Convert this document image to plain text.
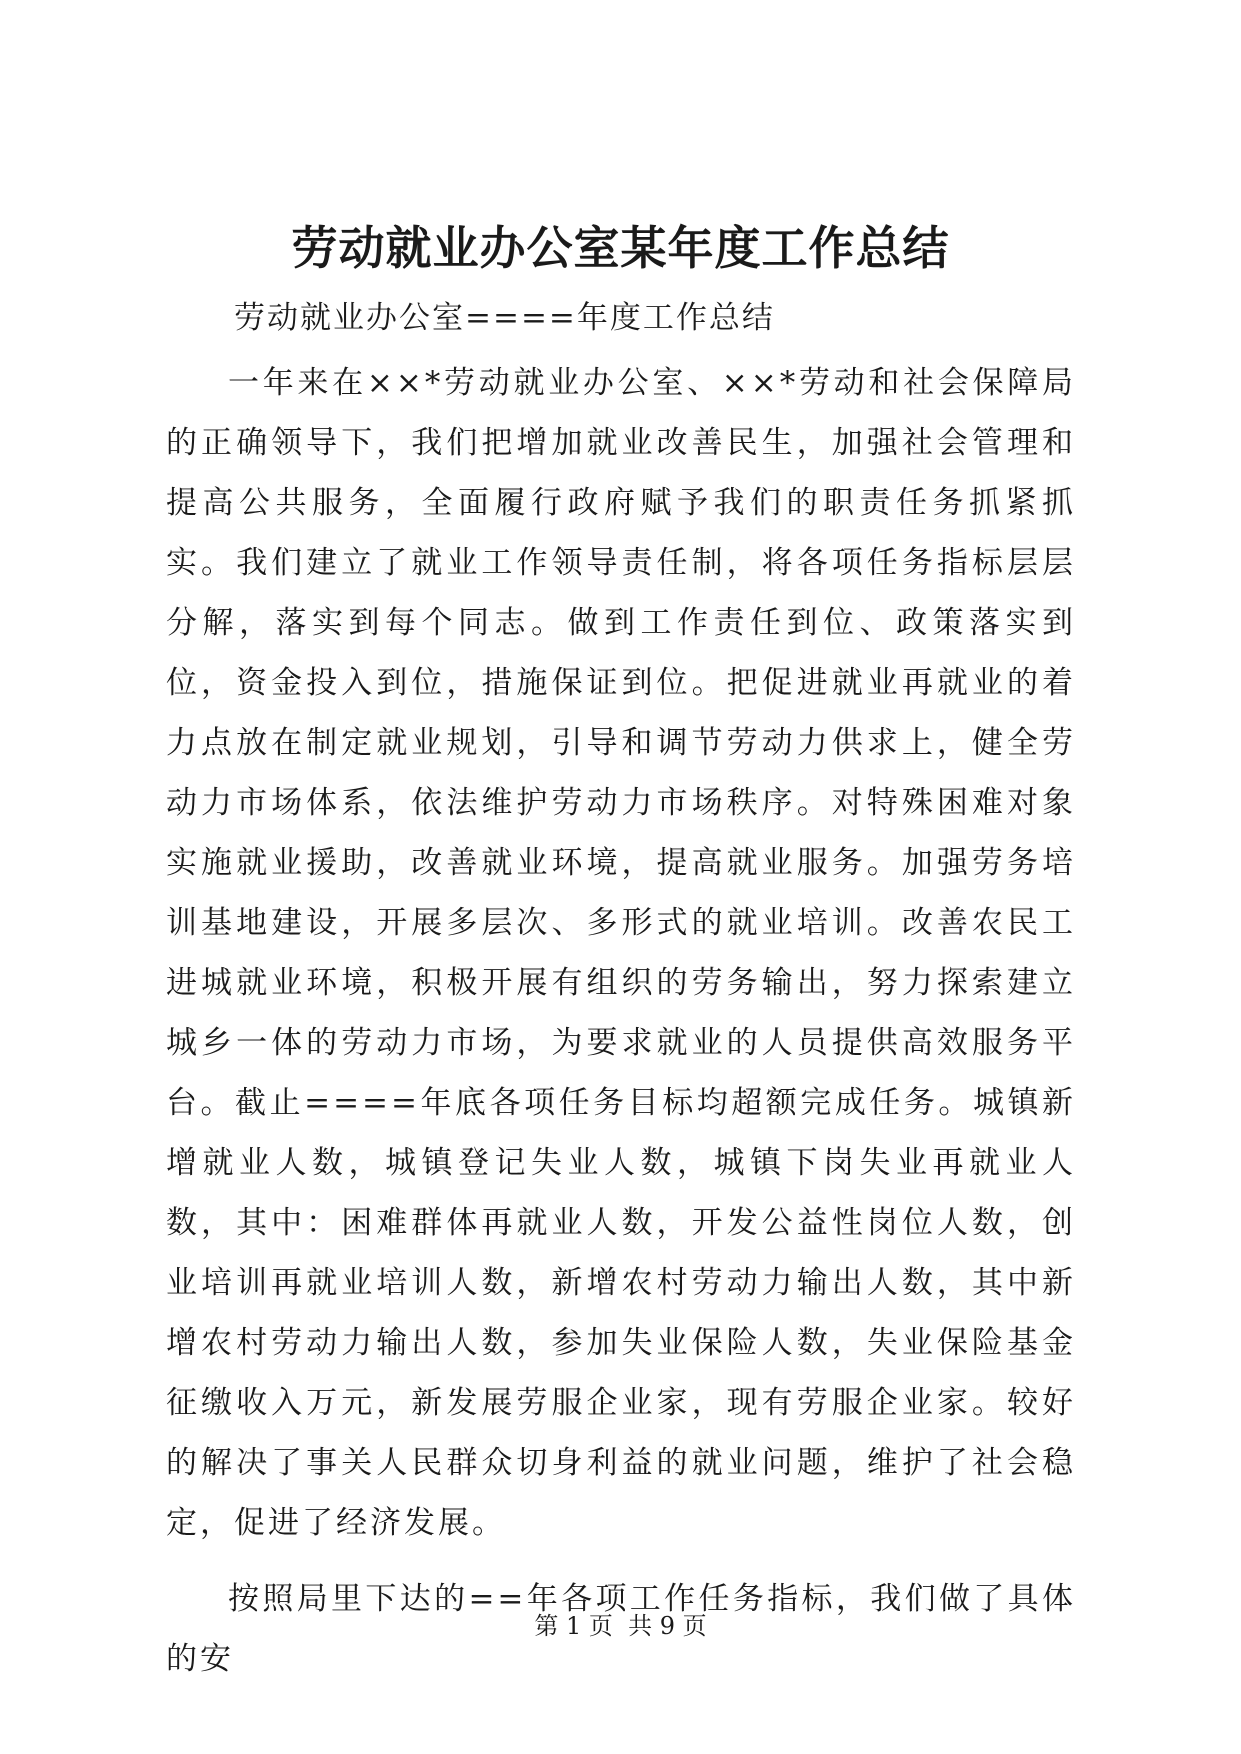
劳动就业办公室某年度工作总结

劳动就业办公室====年度工作总结

一年来在××*劳动就业办公室、××*劳动和社会保障局的正确领导下，我们把增加就业改善民生，加强社会管理和提高公共服务，全面履行政府赋予我们的职责任务抓紧抓实。我们建立了就业工作领导责任制，将各项任务指标层层分解，落实到每个同志。做到工作责任到位、政策落实到位，资金投入到位，措施保证到位。把促进就业再就业的着力点放在制定就业规划，引导和调节劳动力供求上，健全劳动力市场体系，依法维护劳动力市场秩序。对特殊困难对象实施就业援助，改善就业环境，提高就业服务。加强劳务培训基地建设，开展多层次、多形式的就业培训。改善农民工进城就业环境，积极开展有组织的劳务输出，努力探索建立城乡一体的劳动力市场，为要求就业的人员提供高效服务平台。截止====年底各项任务目标均超额完成任务。城镇新增就业人数，城镇登记失业人数，城镇下岗失业再就业人数，其中：困难群体再就业人数，开发公益性岗位人数，创业培训再就业培训人数，新增农村劳动力输出人数，其中新增农村劳动力输出人数，参加失业保险人数，失业保险基金征缴收入万元，新发展劳服企业家，现有劳服企业家。较好的解决了事关人民群众切身利益的就业问题，维护了社会稳定，促进了经济发展。

按照局里下达的==年各项工作任务指标，我们做了具体的安

第 1 页  共 9 页
